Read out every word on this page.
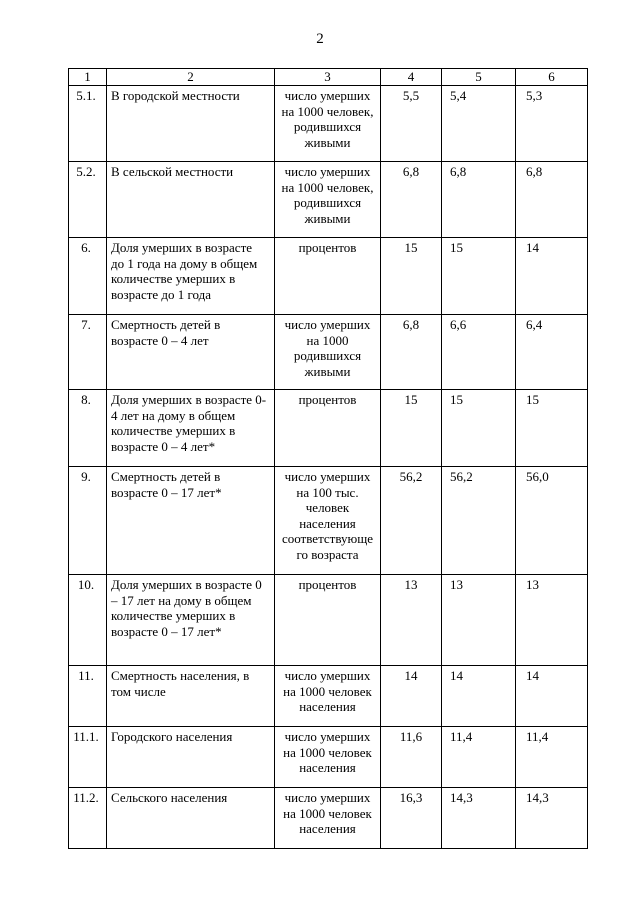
2
1	2	3	4	5	6
5.1.	В городской местности	число умерших на 1000 человек, родившихся живыми	5,5	5,4	5,3
5.2.	В сельской местности	число умерших на 1000 человек, родившихся живыми	6,8	6,8	6,8
6.	Доля умерших в возрасте до 1 года на дому в общем количестве умерших в возрасте до 1 года	процентов	15	15	14
7.	Смертность детей в возрасте 0 – 4 лет	число умерших на 1000 родившихся живыми	6,8	6,6	6,4
8.	Доля умерших в возрасте 0-4 лет на дому в общем количестве умерших в возрасте 0 – 4 лет*	процентов	15	15	15
9.	Смертность детей в возрасте 0 – 17 лет*	число умерших на 100 тыс. человек населения соответствующе го возраста	56,2	56,2	56,0
10.	Доля умерших в возрасте 0 – 17 лет на дому в общем количестве умерших в возрасте 0 – 17 лет*	процентов	13	13	13
11.	Смертность населения, в том числе	число умерших на 1000 человек населения	14	14	14
11.1.	Городского населения	число умерших на 1000 человек населения	11,6	11,4	11,4
11.2.	Сельского населения	число умерших на 1000 человек населения	16,3	14,3	14,3
